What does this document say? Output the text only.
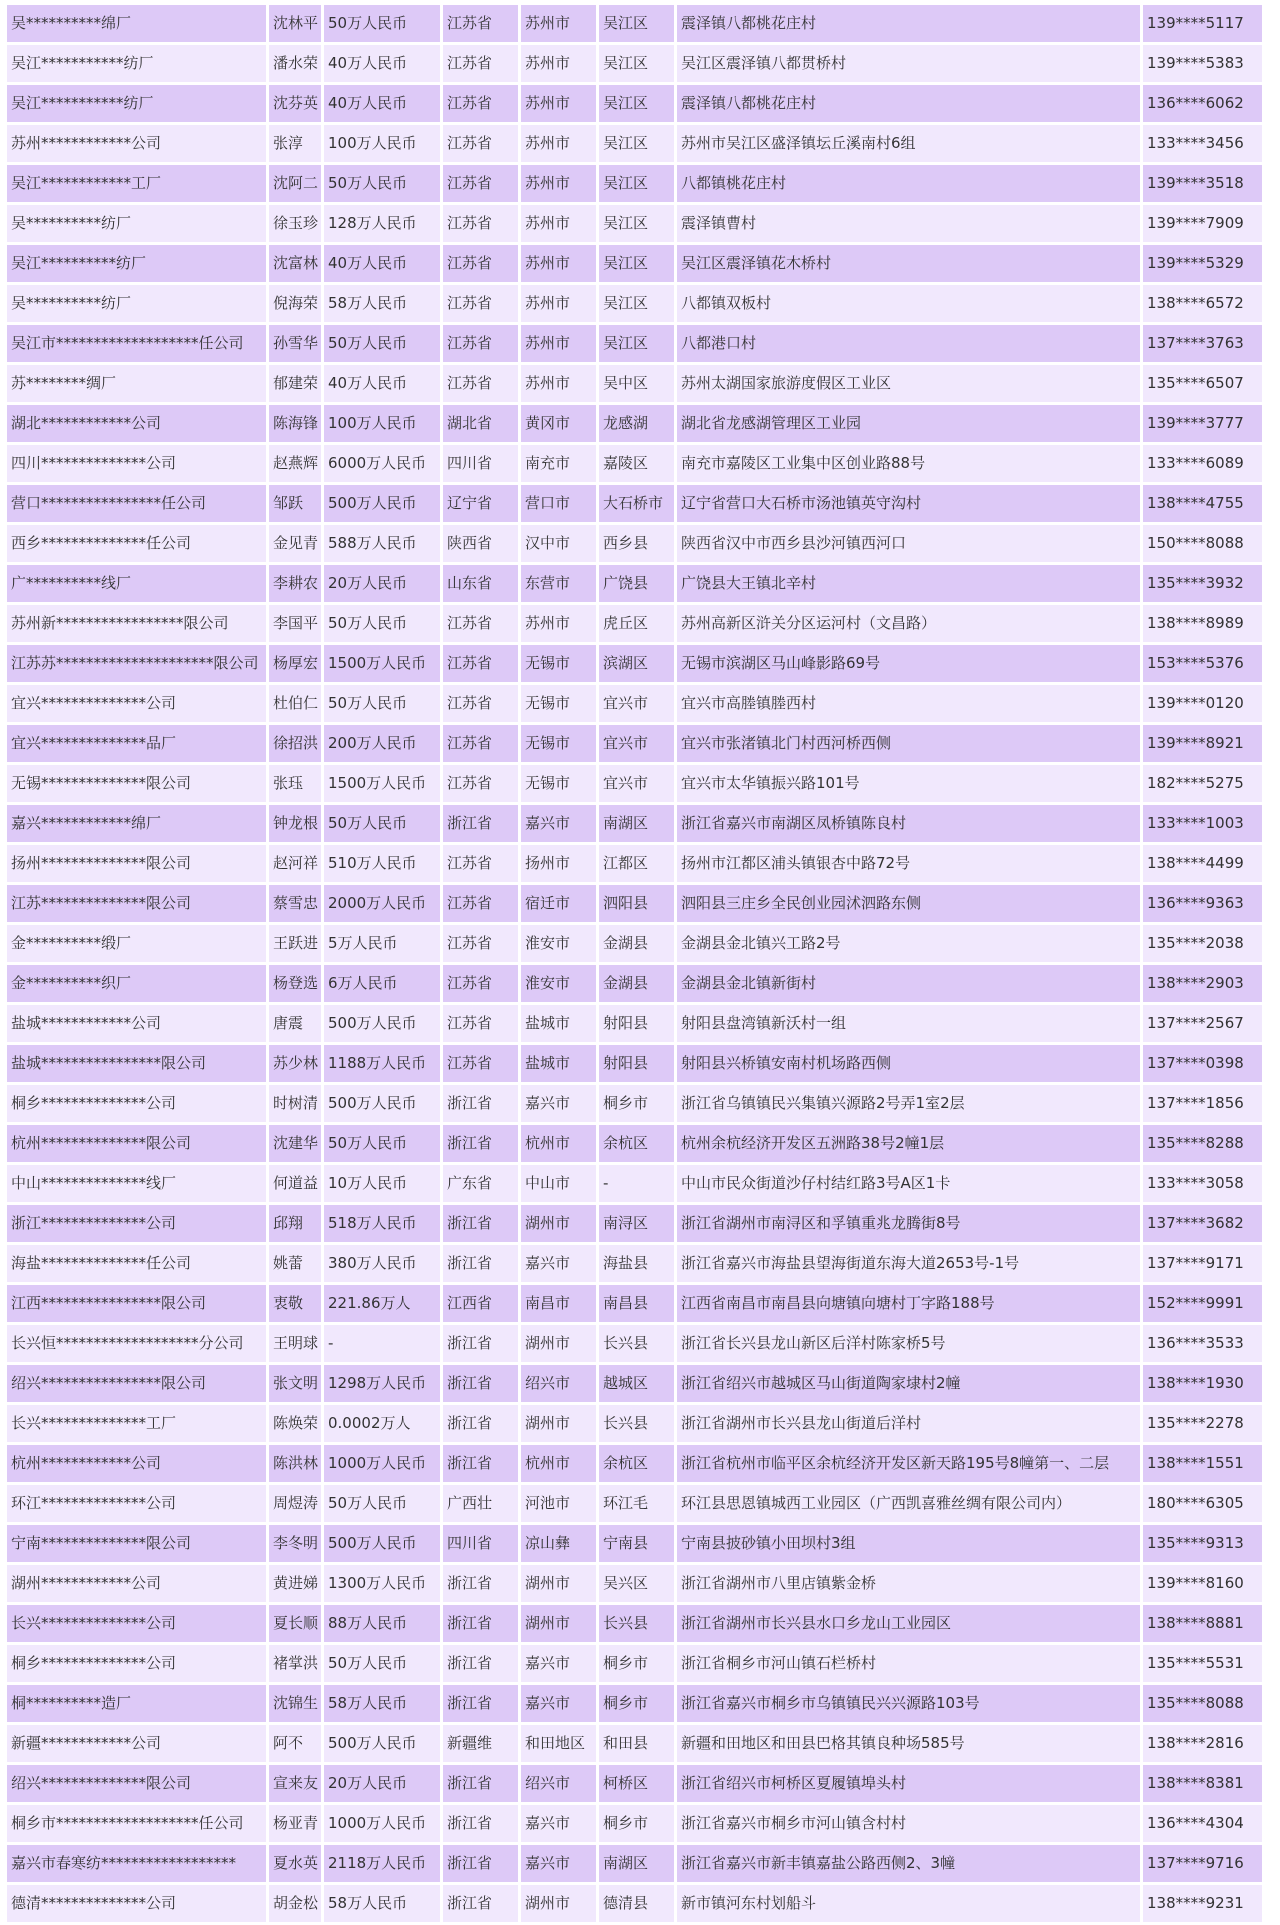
吴**********绵厂	沈林平	50万人民币	江苏省	苏州市	吴江区	震泽镇八都桃花庄村	139****5117
吴江***********纺厂	潘水荣	40万人民币	江苏省	苏州市	吴江区	吴江区震泽镇八都贯桥村	139****5383
吴江***********纺厂	沈芬英	40万人民币	江苏省	苏州市	吴江区	震泽镇八都桃花庄村	136****6062
苏州************公司	张淳	100万人民币	江苏省	苏州市	吴江区	苏州市吴江区盛泽镇坛丘溪南村6组	133****3456
吴江************工厂	沈阿二	50万人民币	江苏省	苏州市	吴江区	八都镇桃花庄村	139****3518
吴**********纺厂	徐玉珍	128万人民币	江苏省	苏州市	吴江区	震泽镇曹村	139****7909
吴江**********纺厂	沈富林	40万人民币	江苏省	苏州市	吴江区	吴江区震泽镇花木桥村	139****5329
吴**********纺厂	倪海荣	58万人民币	江苏省	苏州市	吴江区	八都镇双板村	138****6572
吴江市*******************任公司	孙雪华	50万人民币	江苏省	苏州市	吴江区	八都港口村	137****3763
苏********绸厂	郁建荣	40万人民币	江苏省	苏州市	吴中区	苏州太湖国家旅游度假区工业区	135****6507
湖北************公司	陈海锋	100万人民币	湖北省	黄冈市	龙感湖	湖北省龙感湖管理区工业园	139****3777
四川**************公司	赵燕辉	6000万人民币	四川省	南充市	嘉陵区	南充市嘉陵区工业集中区创业路88号	133****6089
营口****************任公司	邹跃	500万人民币	辽宁省	营口市	大石桥市	辽宁省营口大石桥市汤池镇英守沟村	138****4755
西乡**************任公司	金见青	588万人民币	陕西省	汉中市	西乡县	陕西省汉中市西乡县沙河镇西河口	150****8088
广**********线厂	李耕农	20万人民币	山东省	东营市	广饶县	广饶县大王镇北辛村	135****3932
苏州新*****************限公司	李国平	50万人民币	江苏省	苏州市	虎丘区	苏州高新区浒关分区运河村（文昌路）	138****8989
江苏苏*********************限公司	杨厚宏	1500万人民币	江苏省	无锡市	滨湖区	无锡市滨湖区马山峰影路69号	153****5376
宜兴**************公司	杜伯仁	50万人民币	江苏省	无锡市	宜兴市	宜兴市高塍镇塍西村	139****0120
宜兴**************品厂	徐招洪	200万人民币	江苏省	无锡市	宜兴市	宜兴市张渚镇北门村西河桥西侧	139****8921
无锡**************限公司	张珏	1500万人民币	江苏省	无锡市	宜兴市	宜兴市太华镇振兴路101号	182****5275
嘉兴************绵厂	钟龙根	50万人民币	浙江省	嘉兴市	南湖区	浙江省嘉兴市南湖区凤桥镇陈良村	133****1003
扬州**************限公司	赵河祥	510万人民币	江苏省	扬州市	江都区	扬州市江都区浦头镇银杏中路72号	138****4499
江苏**************限公司	蔡雪忠	2000万人民币	江苏省	宿迁市	泗阳县	泗阳县三庄乡全民创业园沭泗路东侧	136****9363
金**********缎厂	王跃进	5万人民币	江苏省	淮安市	金湖县	金湖县金北镇兴工路2号	135****2038
金**********织厂	杨登选	6万人民币	江苏省	淮安市	金湖县	金湖县金北镇新街村	138****2903
盐城************公司	唐震	500万人民币	江苏省	盐城市	射阳县	射阳县盘湾镇新沃村一组	137****2567
盐城****************限公司	苏少林	1188万人民币	江苏省	盐城市	射阳县	射阳县兴桥镇安南村机场路西侧	137****0398
桐乡**************公司	时树清	500万人民币	浙江省	嘉兴市	桐乡市	浙江省乌镇镇民兴集镇兴源路2号弄1室2层	137****1856
杭州**************限公司	沈建华	50万人民币	浙江省	杭州市	余杭区	杭州余杭经济开发区五洲路38号2幢1层	135****8288
中山**************线厂	何道益	10万人民币	广东省	中山市	-	中山市民众街道沙仔村结红路3号A区1卡	133****3058
浙江**************公司	邱翔	518万人民币	浙江省	湖州市	南浔区	浙江省湖州市南浔区和孚镇重兆龙腾街8号	137****3682
海盐**************任公司	姚蕾	380万人民币	浙江省	嘉兴市	海盐县	浙江省嘉兴市海盐县望海街道东海大道2653号-1号	137****9171
江西****************限公司	衷敬	221.86万人	江西省	南昌市	南昌县	江西省南昌市南昌县向塘镇向塘村丁字路188号	152****9991
长兴恒*******************分公司	王明球	-	浙江省	湖州市	长兴县	浙江省长兴县龙山新区后洋村陈家桥5号	136****3533
绍兴****************限公司	张文明	1298万人民币	浙江省	绍兴市	越城区	浙江省绍兴市越城区马山街道陶家埭村2幢	138****1930
长兴**************工厂	陈焕荣	0.0002万人	浙江省	湖州市	长兴县	浙江省湖州市长兴县龙山街道后洋村	135****2278
杭州************公司	陈洪林	1000万人民币	浙江省	杭州市	余杭区	浙江省杭州市临平区余杭经济开发区新天路195号8幢第一、二层	138****1551
环江**************公司	周煜涛	50万人民币	广西壮	河池市	环江毛	环江县思恩镇城西工业园区（广西凯喜雅丝绸有限公司内）	180****6305
宁南**************限公司	李冬明	500万人民币	四川省	凉山彝	宁南县	宁南县披砂镇小田坝村3组	135****9313
湖州************公司	黄进娣	1300万人民币	浙江省	湖州市	吴兴区	浙江省湖州市八里店镇紫金桥	139****8160
长兴**************公司	夏长顺	88万人民币	浙江省	湖州市	长兴县	浙江省湖州市长兴县水口乡龙山工业园区	138****8881
桐乡**************公司	褚掌洪	50万人民币	浙江省	嘉兴市	桐乡市	浙江省桐乡市河山镇石栏桥村	135****5531
桐**********造厂	沈锦生	58万人民币	浙江省	嘉兴市	桐乡市	浙江省嘉兴市桐乡市乌镇镇民兴兴源路103号	135****8088
新疆************公司	阿不	500万人民币	新疆维	和田地区	和田县	新疆和田地区和田县巴格其镇良种场585号	138****2816
绍兴**************限公司	宣来友	20万人民币	浙江省	绍兴市	柯桥区	浙江省绍兴市柯桥区夏履镇埠头村	138****8381
桐乡市*******************任公司	杨亚青	1000万人民币	浙江省	嘉兴市	桐乡市	浙江省嘉兴市桐乡市河山镇含村村	136****4304
嘉兴市春寒纺******************	夏水英	2118万人民币	浙江省	嘉兴市	南湖区	浙江省嘉兴市新丰镇嘉盐公路西侧2、3幢	137****9716
德清**************公司	胡金松	58万人民币	浙江省	湖州市	德清县	新市镇河东村划船斗	138****9231
